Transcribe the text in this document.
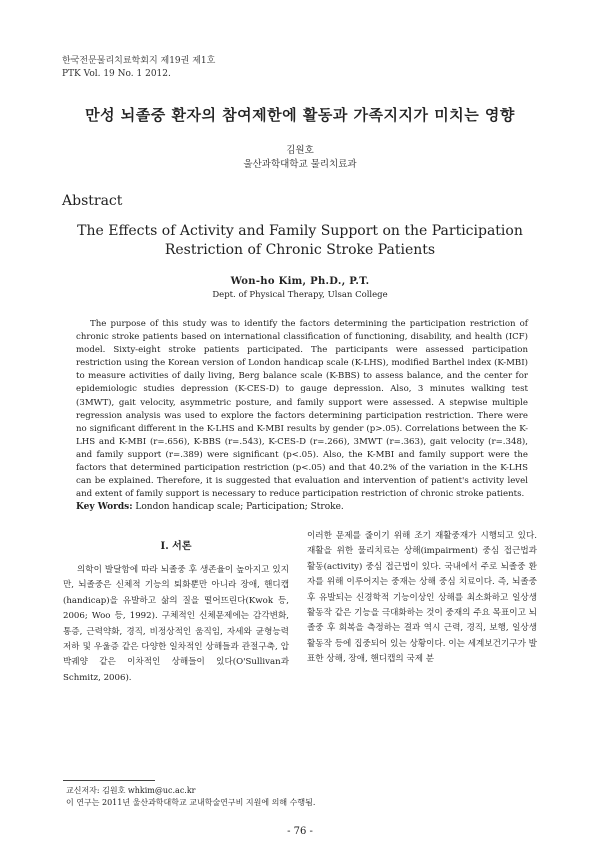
한국전문물리치료학회지 제19권 제1호
PTK Vol. 19 No. 1 2012.
만성 뇌졸중 환자의 참여제한에 활동과 가족지지가 미치는 영향
김원호
울산과학대학교 물리치료과
Abstract
The Effects of Activity and Family Support on the Participation Restriction of Chronic Stroke Patients
Won-ho Kim, Ph.D., P.T.
Dept. of Physical Therapy, Ulsan College

The purpose of this study was to identify the factors determining the participation restriction of chronic stroke patients based on international classification of functioning, disability, and health (ICF) model. Sixty-eight stroke patients participated. The participants were assessed participation restriction using the Korean version of London handicap scale (K-LHS), modified Barthel index (K-MBI) to measure activities of daily living, Berg balance scale (K-BBS) to assess balance, and the center for epidemiologic studies depression (K-CES-D) to gauge depression. Also, 3 minutes walking test (3MWT), gait velocity, asymmetric posture, and family support were assessed. A stepwise multiple regression analysis was used to explore the factors determining participation restriction. There were no significant different in the K-LHS and K-MBI results by gender (p>.05). Correlations between the K-LHS and K-MBI (r=.656), K-BBS (r=.543), K-CES-D (r=.266), 3MWT (r=.363), gait velocity (r=.348), and family support (r=.389) were significant (p<.05). Also, the K-MBI and family support were the factors that determined participation restriction (p<.05) and that 40.2% of the variation in the K-LHS can be explained. Therefore, it is suggested that evaluation and intervention of patient's activity level and extent of family support is necessary to reduce participation restriction of chronic stroke patients.

Key Words: London handicap scale; Participation; Stroke.
Ⅰ. 서론

의학이 발달함에 따라 뇌졸중 후 생존율이 높아지고 있지만, 뇌졸중은 신체적 기능의 퇴화뿐만 아니라 장애, 핸디캡(handicap)을 유발하고 삶의 질을 떨어뜨린다(Kwok 등, 2006; Woo 등, 1992). 구체적인 신체문제에는 감각변화, 통증, 근력약화, 경직, 비정상적인 움직임, 자세와 균형능력 저하 및 우울증 같은 다양한 일차적인 상해들과 관절구축, 압박궤양 같은 이차적인 상해들이 있다(O'Sullivan과 Schmitz, 2006).

이러한 문제를 줄이기 위해 조기 재활중재가 시행되고 있다. 재활을 위한 물리치료는 상해(impairment) 중심 접근법과 활동(activity) 중심 접근법이 있다. 국내에서 주로 뇌졸중 환자를 위해 이루어지는 중재는 상해 중심 치료이다. 즉, 뇌졸중 후 유발되는 신경학적 기능이상인 상해를 최소화하고 일상생활동작 같은 기능을 극대화하는 것이 중재의 주요 목표이고 뇌졸중 후 회복을 측정하는 결과 역시 근력, 경직, 보행, 일상생활동작 등에 집중되어 있는 상황이다. 이는 세계보건기구가 발표한 상해, 장애, 핸디캡의 국제 분

교신저자: 김원호 whkim@uc.ac.kr
이 연구는 2011년 울산과학대학교 교내학술연구비 지원에 의해 수행됨.
- 76 -
